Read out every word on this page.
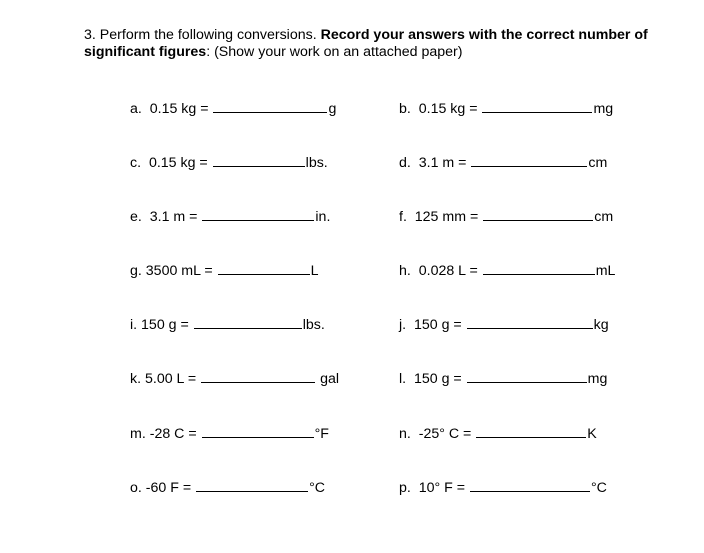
3. Perform the following conversions. Record your answers with the correct number of significant figures: (Show your work on an attached paper)
a. 0.15 kg =	g	b. 0.15 kg =	mg
c. 0.15 kg =	lbs.	d. 3.1 m =	cm
e. 3.1 m =	in.	f. 125 mm =	cm
g. 3500 mL =	L	h. 0.028 L =	mL
i. 150 g =	lbs.	j. 150 g =	kg
k. 5.00 L =	gal	l. 150 g =	mg
m. -28 C =	°F	n. -25° C =	K
o. -60 F =	°C	p. 10° F =	°C
